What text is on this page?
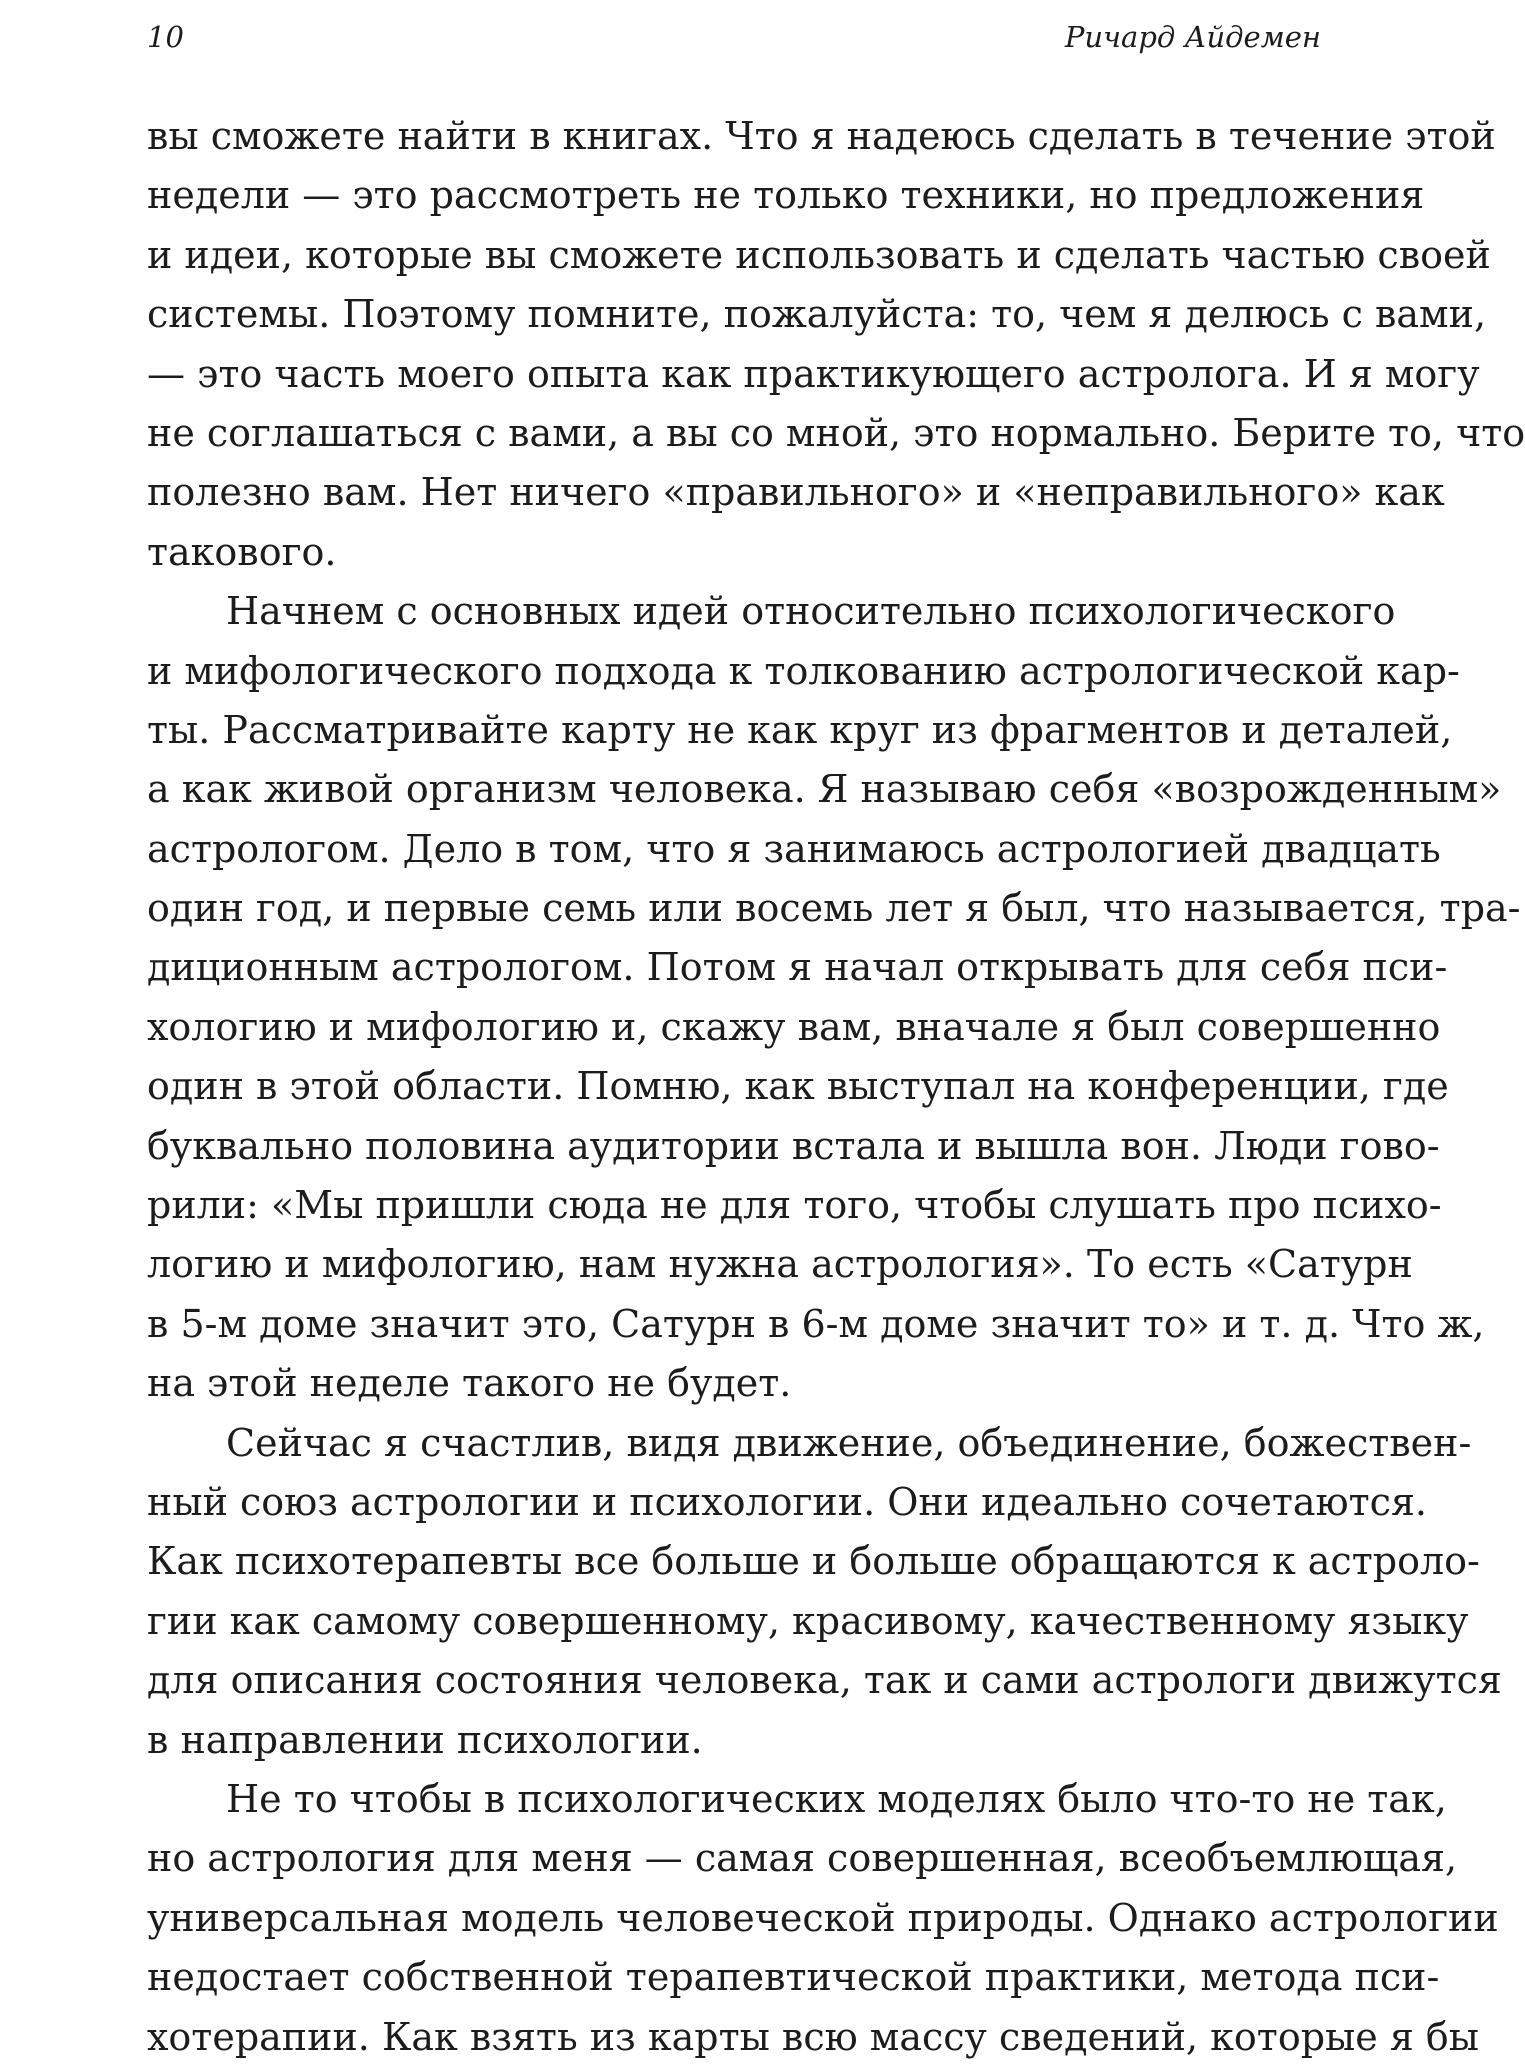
10	Ричард Айдемен
вы сможете найти в книгах. Что я надеюсь сделать в течение этой
недели — это рассмотреть не только техники, но предложения
и идеи, которые вы сможете использовать и сделать частью своей
системы. Поэтому помните, пожалуйста: то, чем я делюсь с вами,
— это часть моего опыта как практикующего астролога. И я могу
не соглашаться с вами, а вы со мной, это нормально. Берите то, что
полезно вам. Нет ничего «правильного» и «неправильного» как
такового.
Начнем с основных идей относительно психологического
и мифологического подхода к толкованию астрологической кар-
ты. Рассматривайте карту не как круг из фрагментов и деталей,
а как живой организм человека. Я называю себя «возрожденным»
астрологом. Дело в том, что я занимаюсь астрологией двадцать
один год, и первые семь или восемь лет я был, что называется, тра-
диционным астрологом. Потом я начал открывать для себя пси-
хологию и мифологию и, скажу вам, вначале я был совершенно
один в этой области. Помню, как выступал на конференции, где
буквально половина аудитории встала и вышла вон. Люди гово-
рили: «Мы пришли сюда не для того, чтобы слушать про психо-
логию и мифологию, нам нужна астрология». То есть «Сатурн
в 5-м доме значит это, Сатурн в 6-м доме значит то» и т. д. Что ж,
на этой неделе такого не будет.
Сейчас я счастлив, видя движение, объединение, божествен-
ный союз астрологии и психологии. Они идеально сочетаются.
Как психотерапевты все больше и больше обращаются к астроло-
гии как самому совершенному, красивому, качественному языку
для описания состояния человека, так и сами астрологи движутся
в направлении психологии.
Не то чтобы в психологических моделях было что-то не так,
но астрология для меня — самая совершенная, всеобъемлющая,
универсальная модель человеческой природы. Однако астрологии
недостает собственной терапевтической практики, метода пси-
хотерапии. Как взять из карты всю массу сведений, которые я бы
